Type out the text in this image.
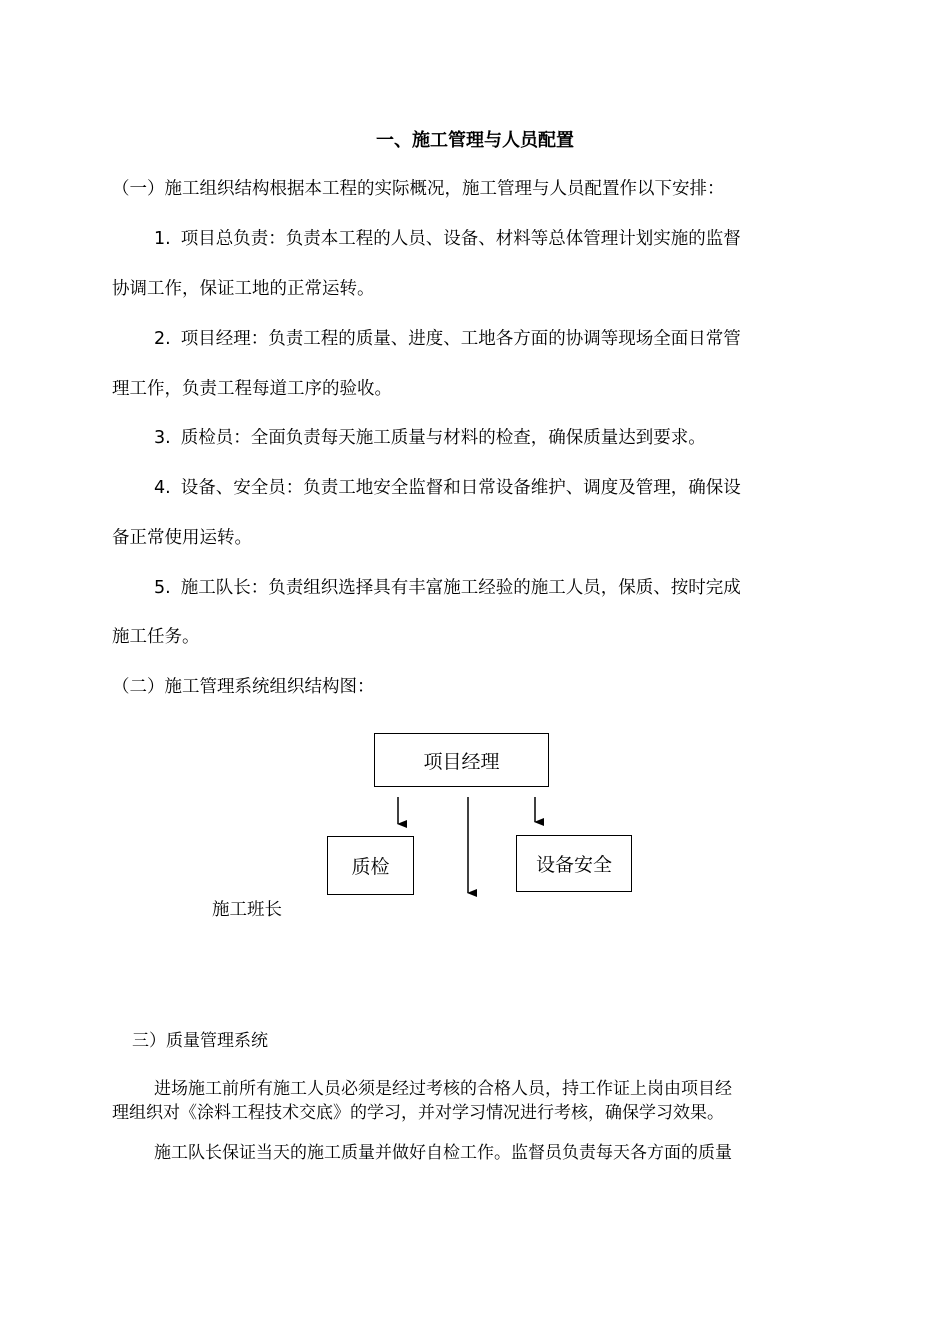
一、施工管理与人员配置
（一）施工组织结构根据本工程的实际概况，施工管理与人员配置作以下安排：
1. 项目总负责：负责本工程的人员、设备、材料等总体管理计划实施的监督
协调工作，保证工地的正常运转。
2. 项目经理：负责工程的质量、进度、工地各方面的协调等现场全面日常管
理工作，负责工程每道工序的验收。
3. 质检员：全面负责每天施工质量与材料的检查，确保质量达到要求。
4. 设备、安全员：负责工地安全监督和日常设备维护、调度及管理，确保设
备正常使用运转。
5. 施工队长：负责组织选择具有丰富施工经验的施工人员，保质、按时完成
施工任务。
（二）施工管理系统组织结构图：
项目经理
质检	设备安全
施工班长
三）质量管理系统
进场施工前所有施工人员必须是经过考核的合格人员，持工作证上岗由项目经
理组织对《涂料工程技术交底》的学习，并对学习情况进行考核，确保学习效果。
施工队长保证当天的施工质量并做好自检工作。监督员负责每天各方面的质量
